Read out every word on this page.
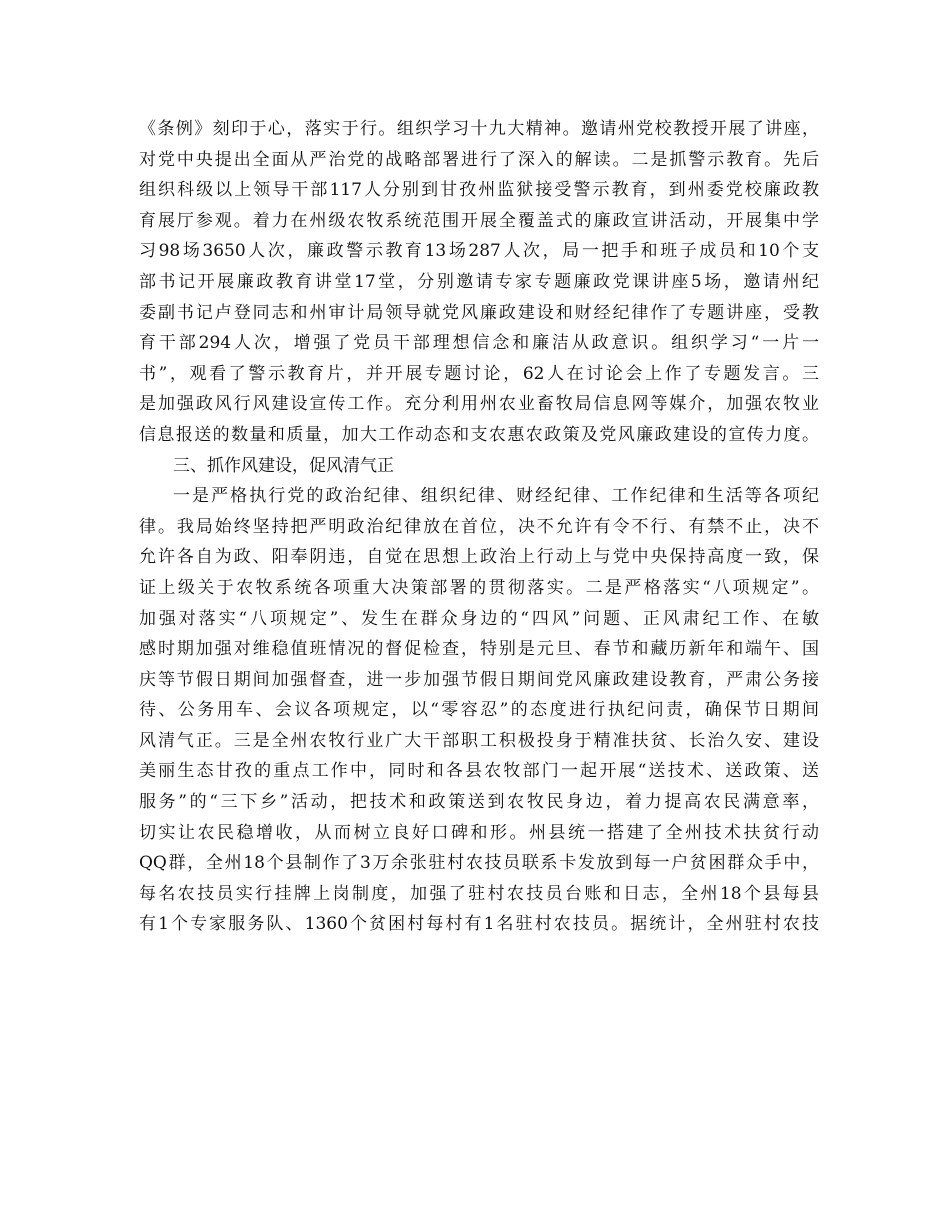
《条例》刻印于心，落实于行。组织学习十九大精神。邀请州党校教授开展了讲座，
对党中央提出全面从严治党的战略部署进行了深入的解读。二是抓警示教育。先后
组织科级以上领导干部117人分别到甘孜州监狱接受警示教育，到州委党校廉政教
育展厅参观。着力在州级农牧系统范围开展全覆盖式的廉政宣讲活动，开展集中学
习98场3650人次，廉政警示教育13场287人次，局一把手和班子成员和10个支
部书记开展廉政教育讲堂17堂，分别邀请专家专题廉政党课讲座5场，邀请州纪
委副书记卢登同志和州审计局领导就党风廉政建设和财经纪律作了专题讲座，受教
育干部294人次，增强了党员干部理想信念和廉洁从政意识。组织学习“一片一
书”，观看了警示教育片，并开展专题讨论，62人在讨论会上作了专题发言。三
是加强政风行风建设宣传工作。充分利用州农业畜牧局信息网等媒介，加强农牧业
信息报送的数量和质量，加大工作动态和支农惠农政策及党风廉政建设的宣传力度。
三、抓作风建设，促风清气正
一是严格执行党的政治纪律、组织纪律、财经纪律、工作纪律和生活等各项纪
律。我局始终坚持把严明政治纪律放在首位，决不允许有令不行、有禁不止，决不
允许各自为政、阳奉阴违，自觉在思想上政治上行动上与党中央保持高度一致，保
证上级关于农牧系统各项重大决策部署的贯彻落实。二是严格落实“八项规定”。
加强对落实“八项规定”、发生在群众身边的“四风”问题、正风肃纪工作、在敏
感时期加强对维稳值班情况的督促检查，特别是元旦、春节和藏历新年和端午、国
庆等节假日期间加强督查，进一步加强节假日期间党风廉政建设教育，严肃公务接
待、公务用车、会议各项规定，以“零容忍”的态度进行执纪问责，确保节日期间
风清气正。三是全州农牧行业广大干部职工积极投身于精准扶贫、长治久安、建设
美丽生态甘孜的重点工作中，同时和各县农牧部门一起开展“送技术、送政策、送
服务”的“三下乡”活动，把技术和政策送到农牧民身边，着力提高农民满意率，
切实让农民稳增收，从而树立良好口碑和形。州县统一搭建了全州技术扶贫行动
QQ群，全州18个县制作了3万余张驻村农技员联系卡发放到每一户贫困群众手中，
每名农技员实行挂牌上岗制度，加强了驻村农技员台账和日志，全州18个县每县
有1个专家服务队、1360个贫困村每村有1名驻村农技员。据统计，全州驻村农技
